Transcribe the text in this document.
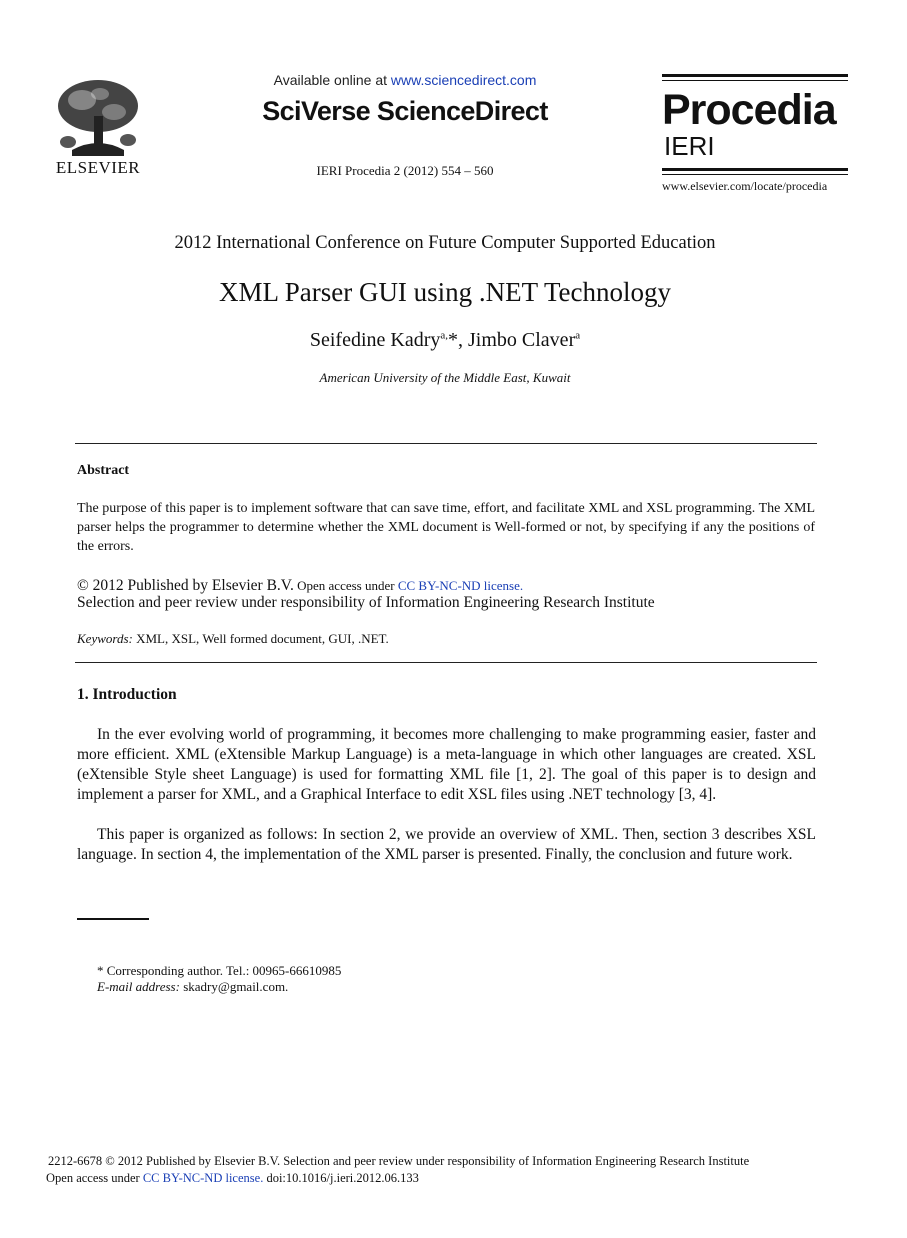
ELSEVIER
Available online at www.sciencedirect.com
SciVerse ScienceDirect
IERI Procedia 2 (2012) 554 – 560
Procedia
IERI
www.elsevier.com/locate/procedia
2012 International Conference on Future Computer Supported Education
XML Parser GUI using .NET Technology
Seifedine Kadry$^{a,}$*, Jimbo Claver$^a$
American University of the Middle East, Kuwait
Abstract
The purpose of this paper is to implement software that can save time, effort, and facilitate XML and XSL programming. The XML parser helps the programmer to determine whether the XML document is Well-formed or not, by specifying if any the positions of the errors.
© 2012 Published by Elsevier B.V. Open access under CC BY-NC-ND license.
Selection and peer review under responsibility of Information Engineering Research Institute
Keywords: XML, XSL, Well formed document, GUI, .NET.
1. Introduction
In the ever evolving world of programming, it becomes more challenging to make programming easier, faster and more efficient. XML (eXtensible Markup Language) is a meta-language in which other languages are created. XSL (eXtensible Style sheet Language) is used for formatting XML file [1, 2]. The goal of this paper is to design and implement a parser for XML, and a Graphical Interface to edit XSL files using .NET technology [3, 4].
This paper is organized as follows: In section 2, we provide an overview of XML. Then, section 3 describes XSL language. In section 4, the implementation of the XML parser is presented. Finally, the conclusion and future work.
* Corresponding author. Tel.: 00965-66610985
E-mail address: skadry@gmail.com.
2212-6678 © 2012 Published by Elsevier B.V. Selection and peer review under responsibility of Information Engineering Research Institute
Open access under CC BY-NC-ND license. doi:10.1016/j.ieri.2012.06.133
